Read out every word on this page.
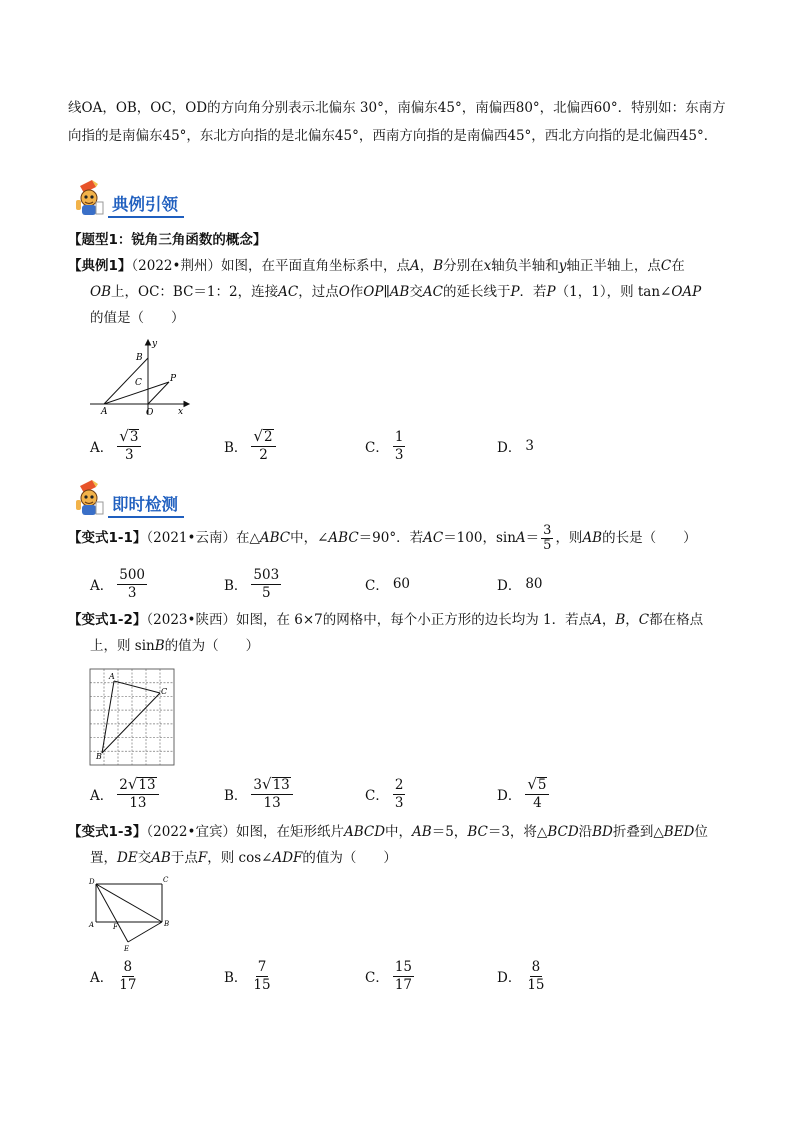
线OA，OB，OC，OD的方向角分别表示北偏东 30°，南偏东45°，南偏西80°，北偏西60°．特别如：东南方向指的是南偏东45°，东北方向指的是北偏东45°，西南方向指的是南偏西45°，西北方向指的是北偏西45°．
典例引领
【题型1：锐角三角函数的概念】
【典例1】（2022•荆州）如图，在平面直角坐标系中，点A，B分别在x轴负半轴和y轴正半轴上，点C在
OB上，OC：BC＝1：2，连接AC，过点O作OP∥AB交AC的延长线于P．若P（1，1），则 tan∠OAP
的值是（　　）
y
x
B
C	P
A	O
A． $\frac{√ 3}{3}$	B． $\frac{√ 2}{2}$	C． $\frac{1}{3}$	D． 3
即时检测
【变式1-1】（2021•云南）在△ABC中，∠ABC＝90°．若AC＝100，$\sin A= \frac{3}{5}$ ，则AB的长是（　　）
A． $\frac{500}{3}$	B． $\frac{503}{5}$	C． 60	D． 80
【变式1-2】（2023•陕西）如图，在 6×7的网格中，每个小正方形的边长均为 1．若点A，B，C都在格点
上，则 sinB的值为（　　）
A
C
B
A． $\frac{2 √ 13}{13}$	B． $\frac{3 √ 13}{13}$	C． $\frac{2}{3}$	D． $\frac{√ 5}{4}$
【变式1-3】（2022•宜宾）如图，在矩形纸片ABCD中，AB＝5，BC＝3，将△BCD沿BD折叠到△BED位
置，DE交AB于点F，则 cos∠ADF的值为（　　）
D	C
A	F	B
E
A． $\frac{8}{17}$	B． $\frac{7}{15}$	C． $\frac{15}{17}$	D． $\frac{8}{15}$
